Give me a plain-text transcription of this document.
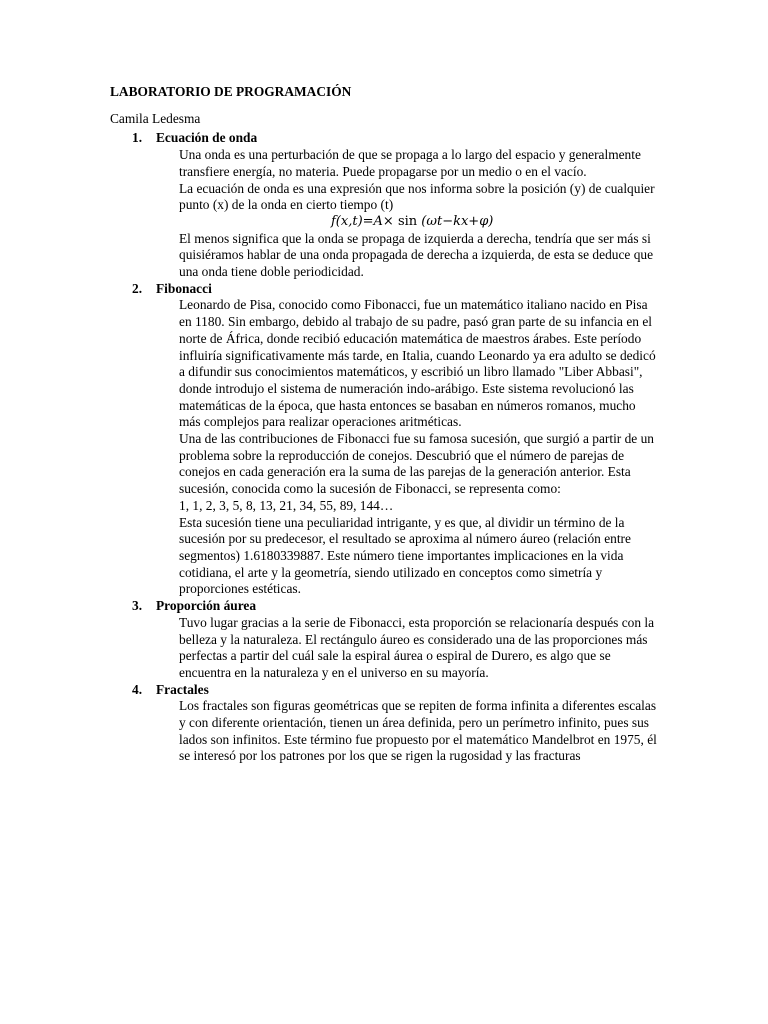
LABORATORIO DE PROGRAMACIÓN
Camila Ledesma
1. Ecuación de onda
Una onda es una perturbación de que se propaga a lo largo del espacio y generalmente transfiere energía, no materia. Puede propagarse por un medio o en el vacío.
La ecuación de onda es una expresión que nos informa sobre la posición (y) de cualquier punto (x) de la onda en cierto tiempo (t)
f(x,t)=A× sin (ωt−kx+φ)
El menos significa que la onda se propaga de izquierda a derecha, tendría que ser más si quisiéramos hablar de una onda propagada de derecha a izquierda, de esta se deduce que una onda tiene doble periodicidad.
2. Fibonacci
Leonardo de Pisa, conocido como Fibonacci, fue un matemático italiano nacido en Pisa en 1180. Sin embargo, debido al trabajo de su padre, pasó gran parte de su infancia en el norte de África, donde recibió educación matemática de maestros árabes. Este período influiría significativamente más tarde, en Italia, cuando Leonardo ya era adulto se dedicó a difundir sus conocimientos matemáticos, y escribió un libro llamado "Liber Abbasi", donde introdujo el sistema de numeración indo-arábigo. Este sistema revolucionó las matemáticas de la época, que hasta entonces se basaban en números romanos, mucho más complejos para realizar operaciones aritméticas.
Una de las contribuciones de Fibonacci fue su famosa sucesión, que surgió a partir de un problema sobre la reproducción de conejos. Descubrió que el número de parejas de conejos en cada generación era la suma de las parejas de la generación anterior. Esta sucesión, conocida como la sucesión de Fibonacci, se representa como:
1, 1, 2, 3, 5, 8, 13, 21, 34, 55, 89, 144…
Esta sucesión tiene una peculiaridad intrigante, y es que, al dividir un término de la sucesión por su predecesor, el resultado se aproxima al número áureo (relación entre segmentos) 1.6180339887. Este número tiene importantes implicaciones en la vida cotidiana, el arte y la geometría, siendo utilizado en conceptos como simetría y proporciones estéticas.
3. Proporción áurea
Tuvo lugar gracias a la serie de Fibonacci, esta proporción se relacionaría después con la belleza y la naturaleza. El rectángulo áureo es considerado una de las proporciones más perfectas a partir del cuál sale la espiral áurea o espiral de Durero, es algo que se encuentra en la naturaleza y en el universo en su mayoría.
4. Fractales
Los fractales son figuras geométricas que se repiten de forma infinita a diferentes escalas y con diferente orientación, tienen un área definida, pero un perímetro infinito, pues sus lados son infinitos. Este término fue propuesto por el matemático Mandelbrot en 1975, él se interesó por los patrones por los que se rigen la rugosidad y las fracturas
